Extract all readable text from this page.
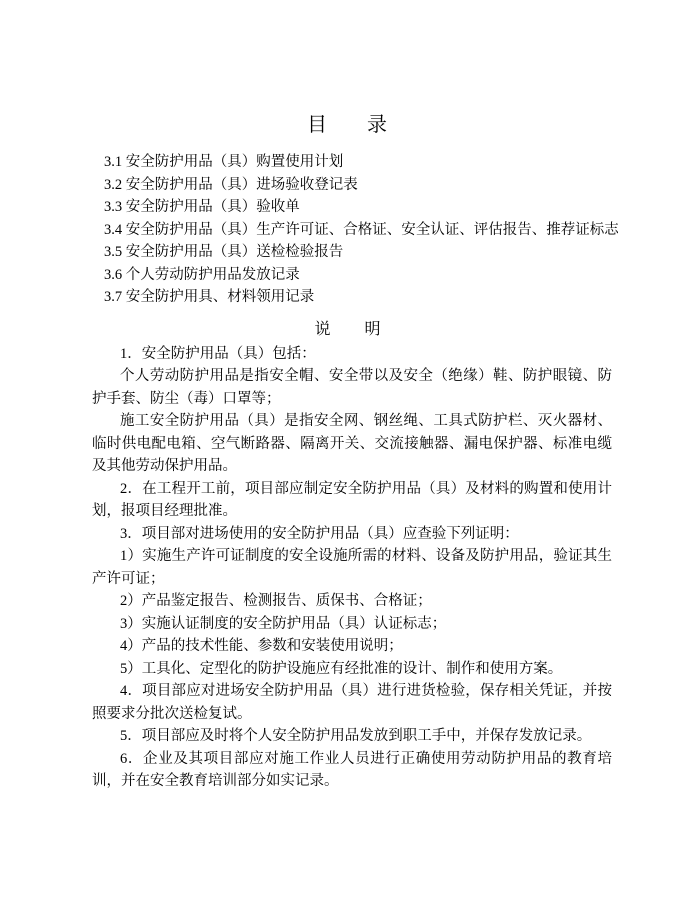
目　录
3.1 安全防护用品（具）购置使用计划
3.2 安全防护用品（具）进场验收登记表
3.3 安全防护用品（具）验收单
3.4 安全防护用品（具）生产许可证、合格证、安全认证、评估报告、推荐证标志
3.5 安全防护用品（具）送检检验报告
3.6 个人劳动防护用品发放记录
3.7 安全防护用具、材料领用记录
说　明

1．安全防护用品（具）包括：

个人劳动防护用品是指安全帽、安全带以及安全（绝缘）鞋、防护眼镜、防护手套、防尘（毒）口罩等；

施工安全防护用品（具）是指安全网、钢丝绳、工具式防护栏、灭火器材、临时供电配电箱、空气断路器、隔离开关、交流接触器、漏电保护器、标准电缆及其他劳动保护用品。

2．在工程开工前，项目部应制定安全防护用品（具）及材料的购置和使用计划，报项目经理批准。

3．项目部对进场使用的安全防护用品（具）应查验下列证明：

1）实施生产许可证制度的安全设施所需的材料、设备及防护用品，验证其生产许可证；

2）产品鉴定报告、检测报告、质保书、合格证；

3）实施认证制度的安全防护用品（具）认证标志；

4）产品的技术性能、参数和安装使用说明；

5）工具化、定型化的防护设施应有经批准的设计、制作和使用方案。

4．项目部应对进场安全防护用品（具）进行进货检验，保存相关凭证，并按照要求分批次送检复试。

5．项目部应及时将个人安全防护用品发放到职工手中，并保存发放记录。

6．企业及其项目部应对施工作业人员进行正确使用劳动防护用品的教育培训，并在安全教育培训部分如实记录。
